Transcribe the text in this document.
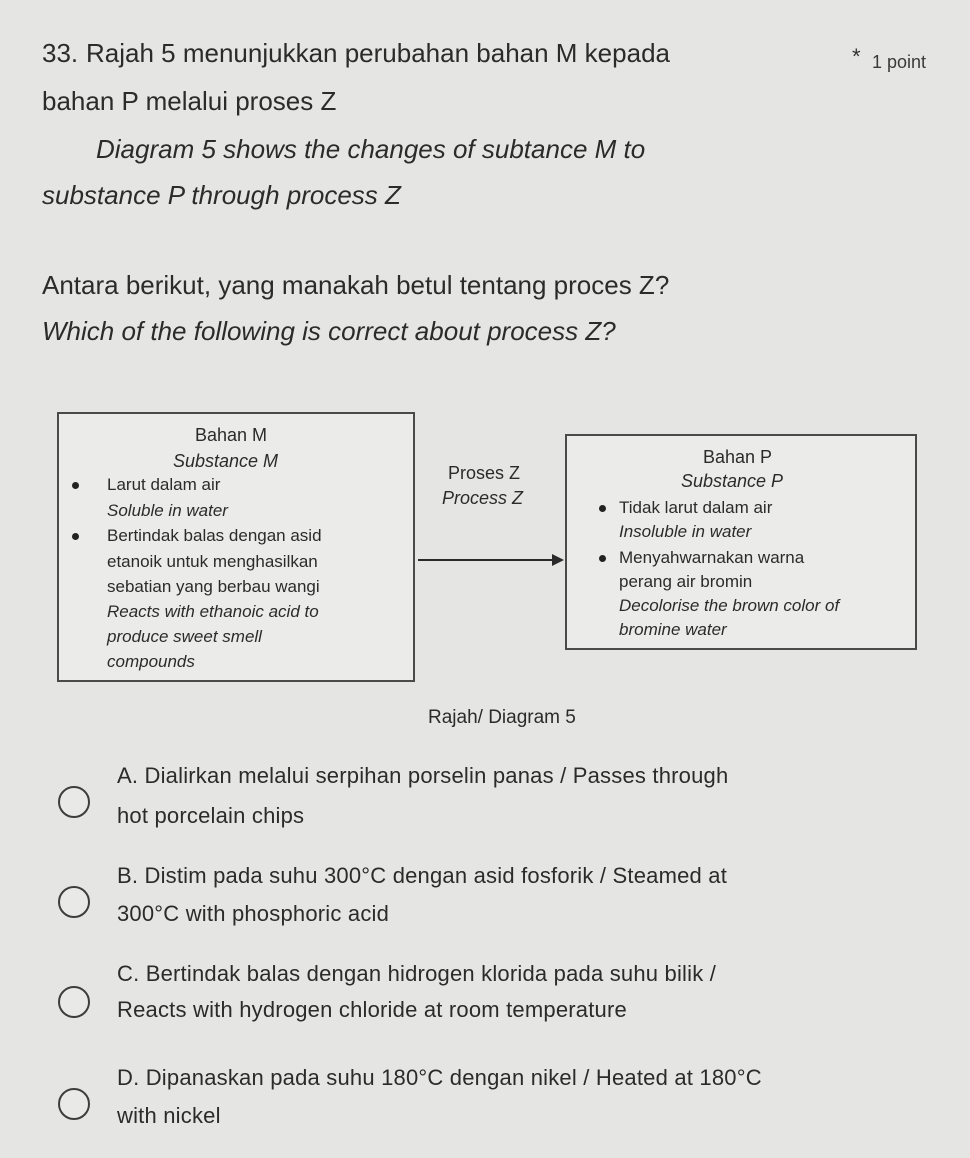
33. Rajah 5 menunjukkan perubahan bahan M kepada	* 1 point
bahan P melalui proses Z
Diagram 5 shows the changes of subtance M to
substance P through process Z
Antara berikut, yang manakah betul tentang proces Z?
Which of the following is correct about process Z?
Bahan M
Substance M
Larut dalam air
Soluble in water
Bertindak balas dengan asid
etanoik untuk menghasilkan
sebatian yang berbau wangi
Reacts with ethanoic acid to
produce sweet smell
compounds
Proses Z
Process Z
Bahan P
Substance P
Tidak larut dalam air
Insoluble in water
Menyahwarnakan warna
perang air bromin
Decolorise the brown color of
bromine water
Rajah/ Diagram 5
A. Dialirkan melalui serpihan porselin panas / Passes through
hot porcelain chips
B. Distim pada suhu 300°C dengan asid fosforik / Steamed at
300°C with phosphoric acid
C. Bertindak balas dengan hidrogen klorida pada suhu bilik /
Reacts with hydrogen chloride at room temperature
D. Dipanaskan pada suhu 180°C dengan nikel / Heated at 180°C
with nickel
